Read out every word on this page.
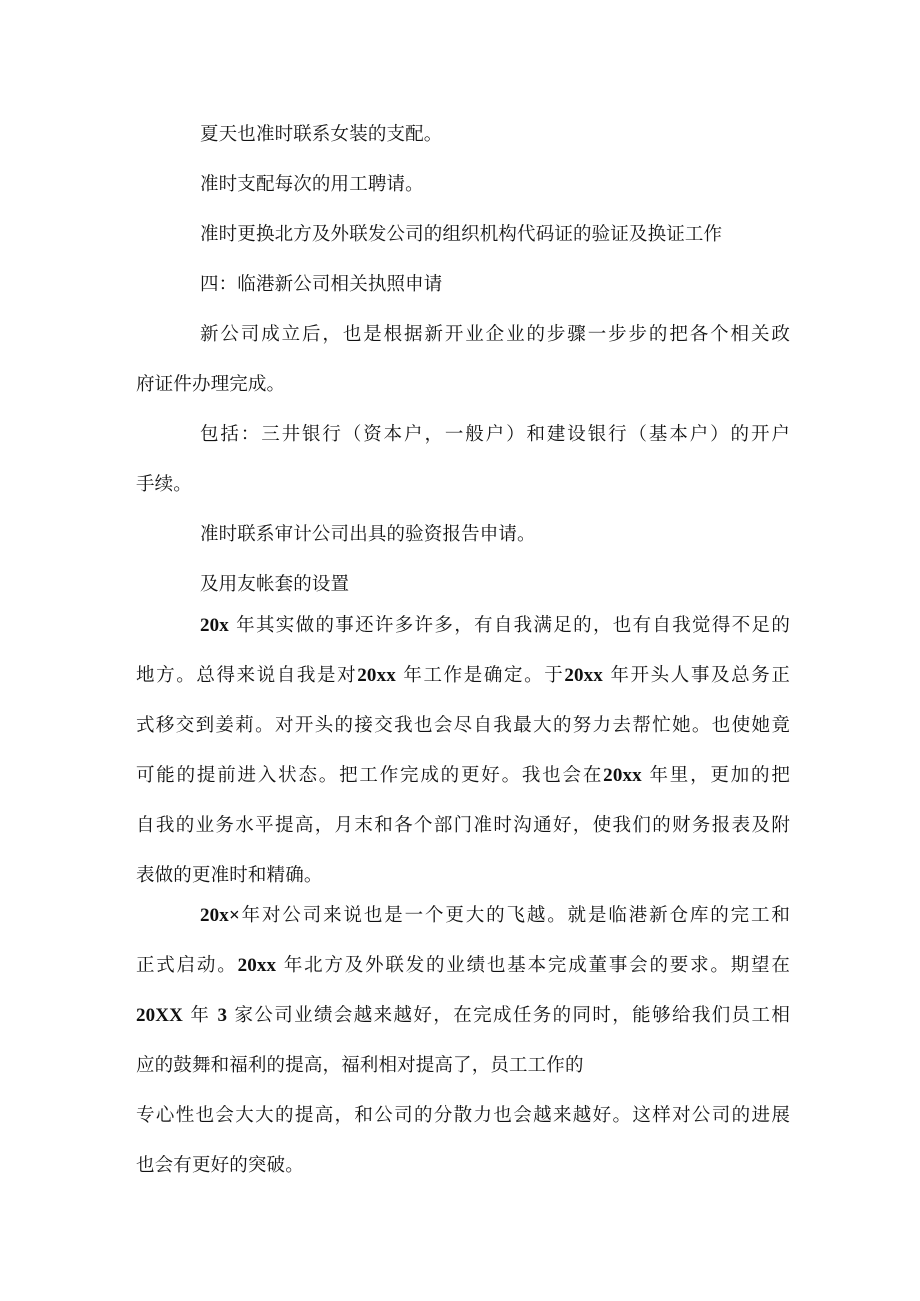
夏天也准时联系女装的支配。
准时支配每次的用工聘请。
准时更换北方及外联发公司的组织机构代码证的验证及换证工作
四：临港新公司相关执照申请
新公司成立后，也是根据新开业企业的步骤一步步的把各个相关政
府证件办理完成。
包括：三井银行（资本户，一般户）和建设银行（基本户）的开户
手续。
准时联系审计公司出具的验资报告申请。
及用友帐套的设置
20x 年其实做的事还许多许多，有自我满足的，也有自我觉得不足的
地方。总得来说自我是对20xx 年工作是确定。于20xx 年开头人事及总务正
式移交到姜莉。对开头的接交我也会尽自我最大的努力去帮忙她。也使她竟
可能的提前进入状态。把工作完成的更好。我也会在20xx 年里，更加的把
自我的业务水平提高，月末和各个部门准时沟通好，使我们的财务报表及附
表做的更准时和精确。
20x×年对公司来说也是一个更大的飞越。就是临港新仓库的完工和
正式启动。20xx 年北方及外联发的业绩也基本完成董事会的要求。期望在
20XX 年 3 家公司业绩会越来越好，在完成任务的同时，能够给我们员工相
应的鼓舞和福利的提高，福利相对提高了，员工工作的
专心性也会大大的提高，和公司的分散力也会越来越好。这样对公司的进展
也会有更好的突破。
